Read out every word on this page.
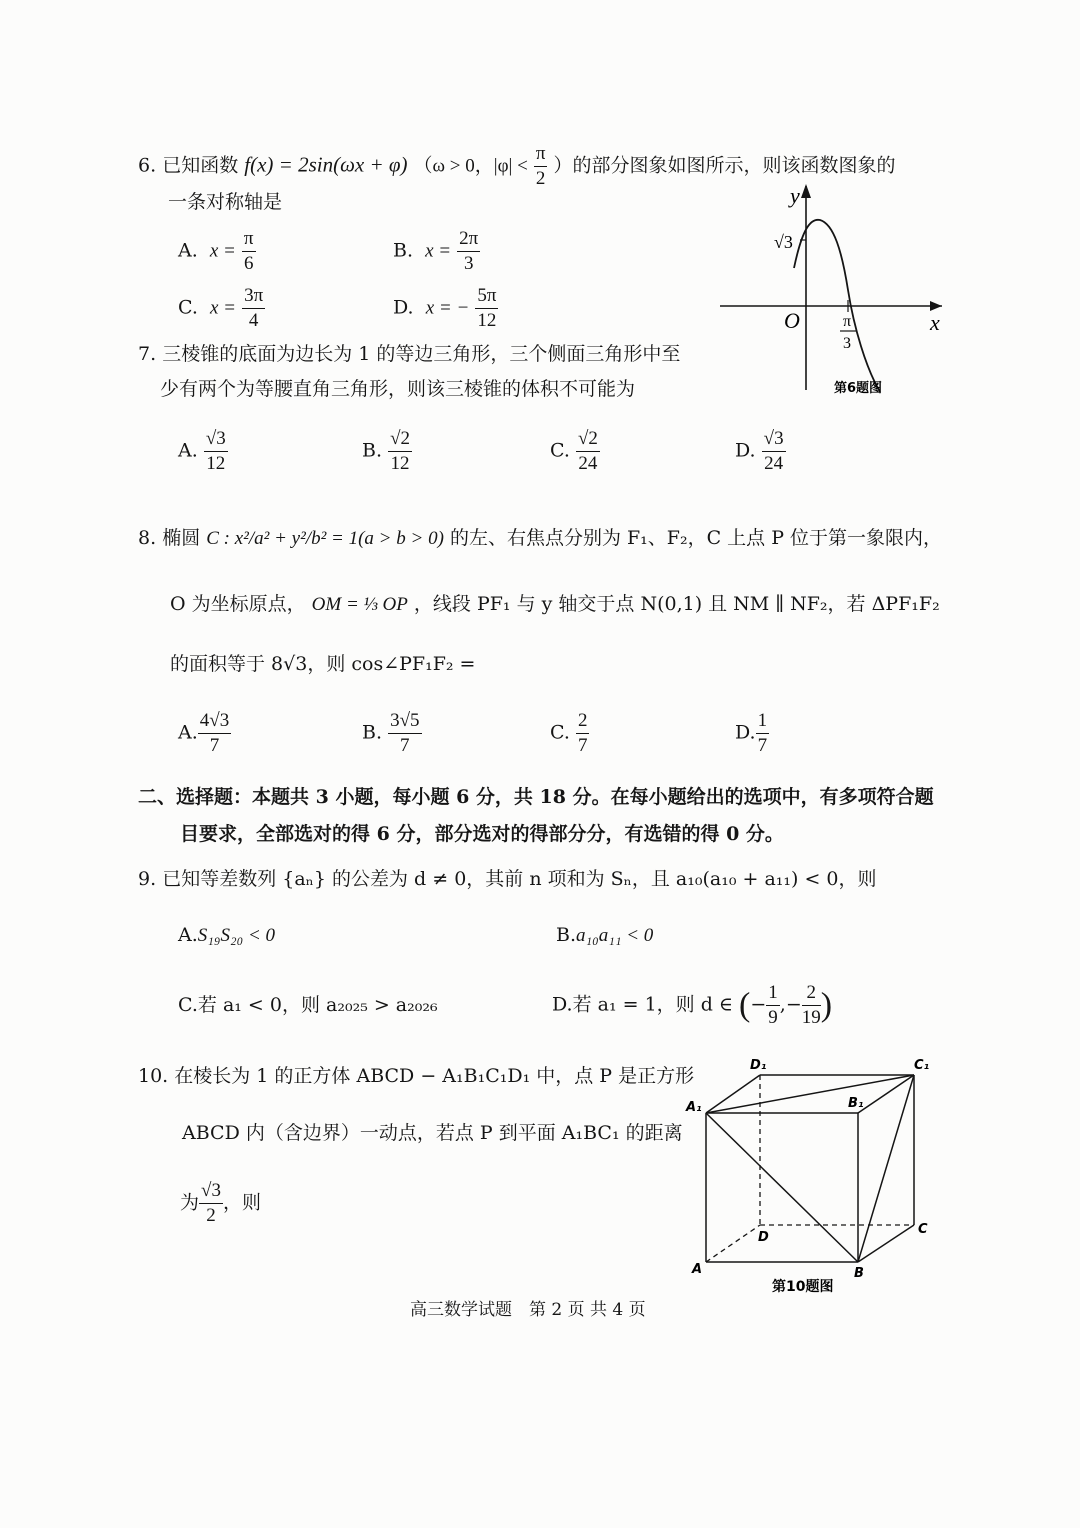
6. 已知函数 f(x) = 2sin(ωx + φ) （ω > 0，$|\varphi| < \frac{\pi}{2}$ ）的部分图象如图所示，则该函数图象的
一条对称轴是
A. $x = \frac{\pi}{6}$	B. $x = \frac{2\pi}{3}$
C. $x = \frac{3\pi}{4}$	D. x = − $\frac{5\pi}{12}$
y
x
O
√3
π
3
第6题图
7. 三棱锥的底面为边长为 1 的等边三角形，三个侧面三角形中至
少有两个为等腰直角三角形，则该三棱锥的体积不可能为
A. $\frac{√3}{12}$	B. $\frac{√2}{12}$	C. $\frac{√2}{24}$	D. $\frac{√3}{24}$
8. 椭圆 C : x²/a² + y²/b² = 1(a > b > 0) 的左、右焦点分别为 F₁、F₂，C 上点 P 位于第一象限内，
O 为坐标原点， OM = ⅓ OP ，线段 PF₁ 与 y 轴交于点 N(0,1) 且 NM ∥ NF₂，若 ΔPF₁F₂
的面积等于 8√3，则 cos∠PF₁F₂ =
A. $\frac{4√3}{7}$	B. $\frac{3√5}{7}$	C. $\frac{2}{7}$	D. $\frac{1}{7}$
二、选择题：本题共 3 小题，每小题 6 分，共 18 分。在每小题给出的选项中，有多项符合题
目要求，全部选对的得 6 分，部分选对的得部分分，有选错的得 0 分。
9. 已知等差数列 {aₙ} 的公差为 d ≠ 0，其前 n 项和为 Sₙ，且 a₁₀(a₁₀ + a₁₁) < 0，则
A.S₁₉S₂₀ < 0	B.a₁₀a₁₁ < 0
C.若 a₁ < 0，则 a₂₀₂₅ > a₂₀₂₆	D.若 a₁ = 1，则 d ∈ (− $\frac{1}{9}$ ,− $\frac{2}{19}$ )
10. 在棱长为 1 的正方体 ABCD − A₁B₁C₁D₁ 中，点 P 是正方形
ABCD 内（含边界）一动点，若点 P 到平面 A₁BC₁ 的距离
为 $\frac{√3}{2}$ ，则
D₁	C₁
A₁	B₁
D
C
A	B
第10题图
高三数学试题　第 2 页 共 4 页
